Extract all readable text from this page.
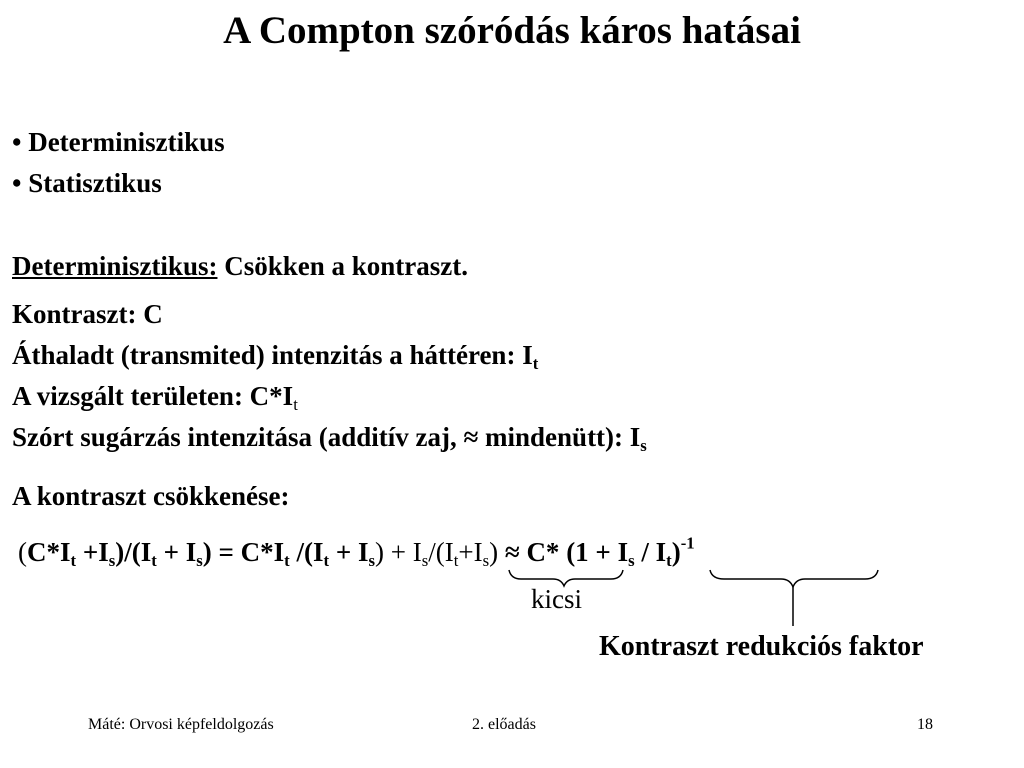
A Compton szóródás káros hatásai
• Determinisztikus
• Statisztikus
Determinisztikus: Csökken a kontraszt.
Kontraszt: C
Áthaladt (transmited) intenzitás a háttéren: $I_t$
A vizsgált területen: $C*I_t$
Szórt sugárzás intenzitása (additív zaj, ≈ mindenütt): $I_s$
A kontraszt csökkenése:
$(C*I_t +I_s)/(I_t + I_s) = C*I_t$ $/(I_t + I_s) + I_s/(I_t+I_s) \approx C*$ $(1 + I_s / I_t)^{-1}$
kicsi
Kontraszt redukciós faktor
Máté: Orvosi képfeldolgozás	2. előadás	18
